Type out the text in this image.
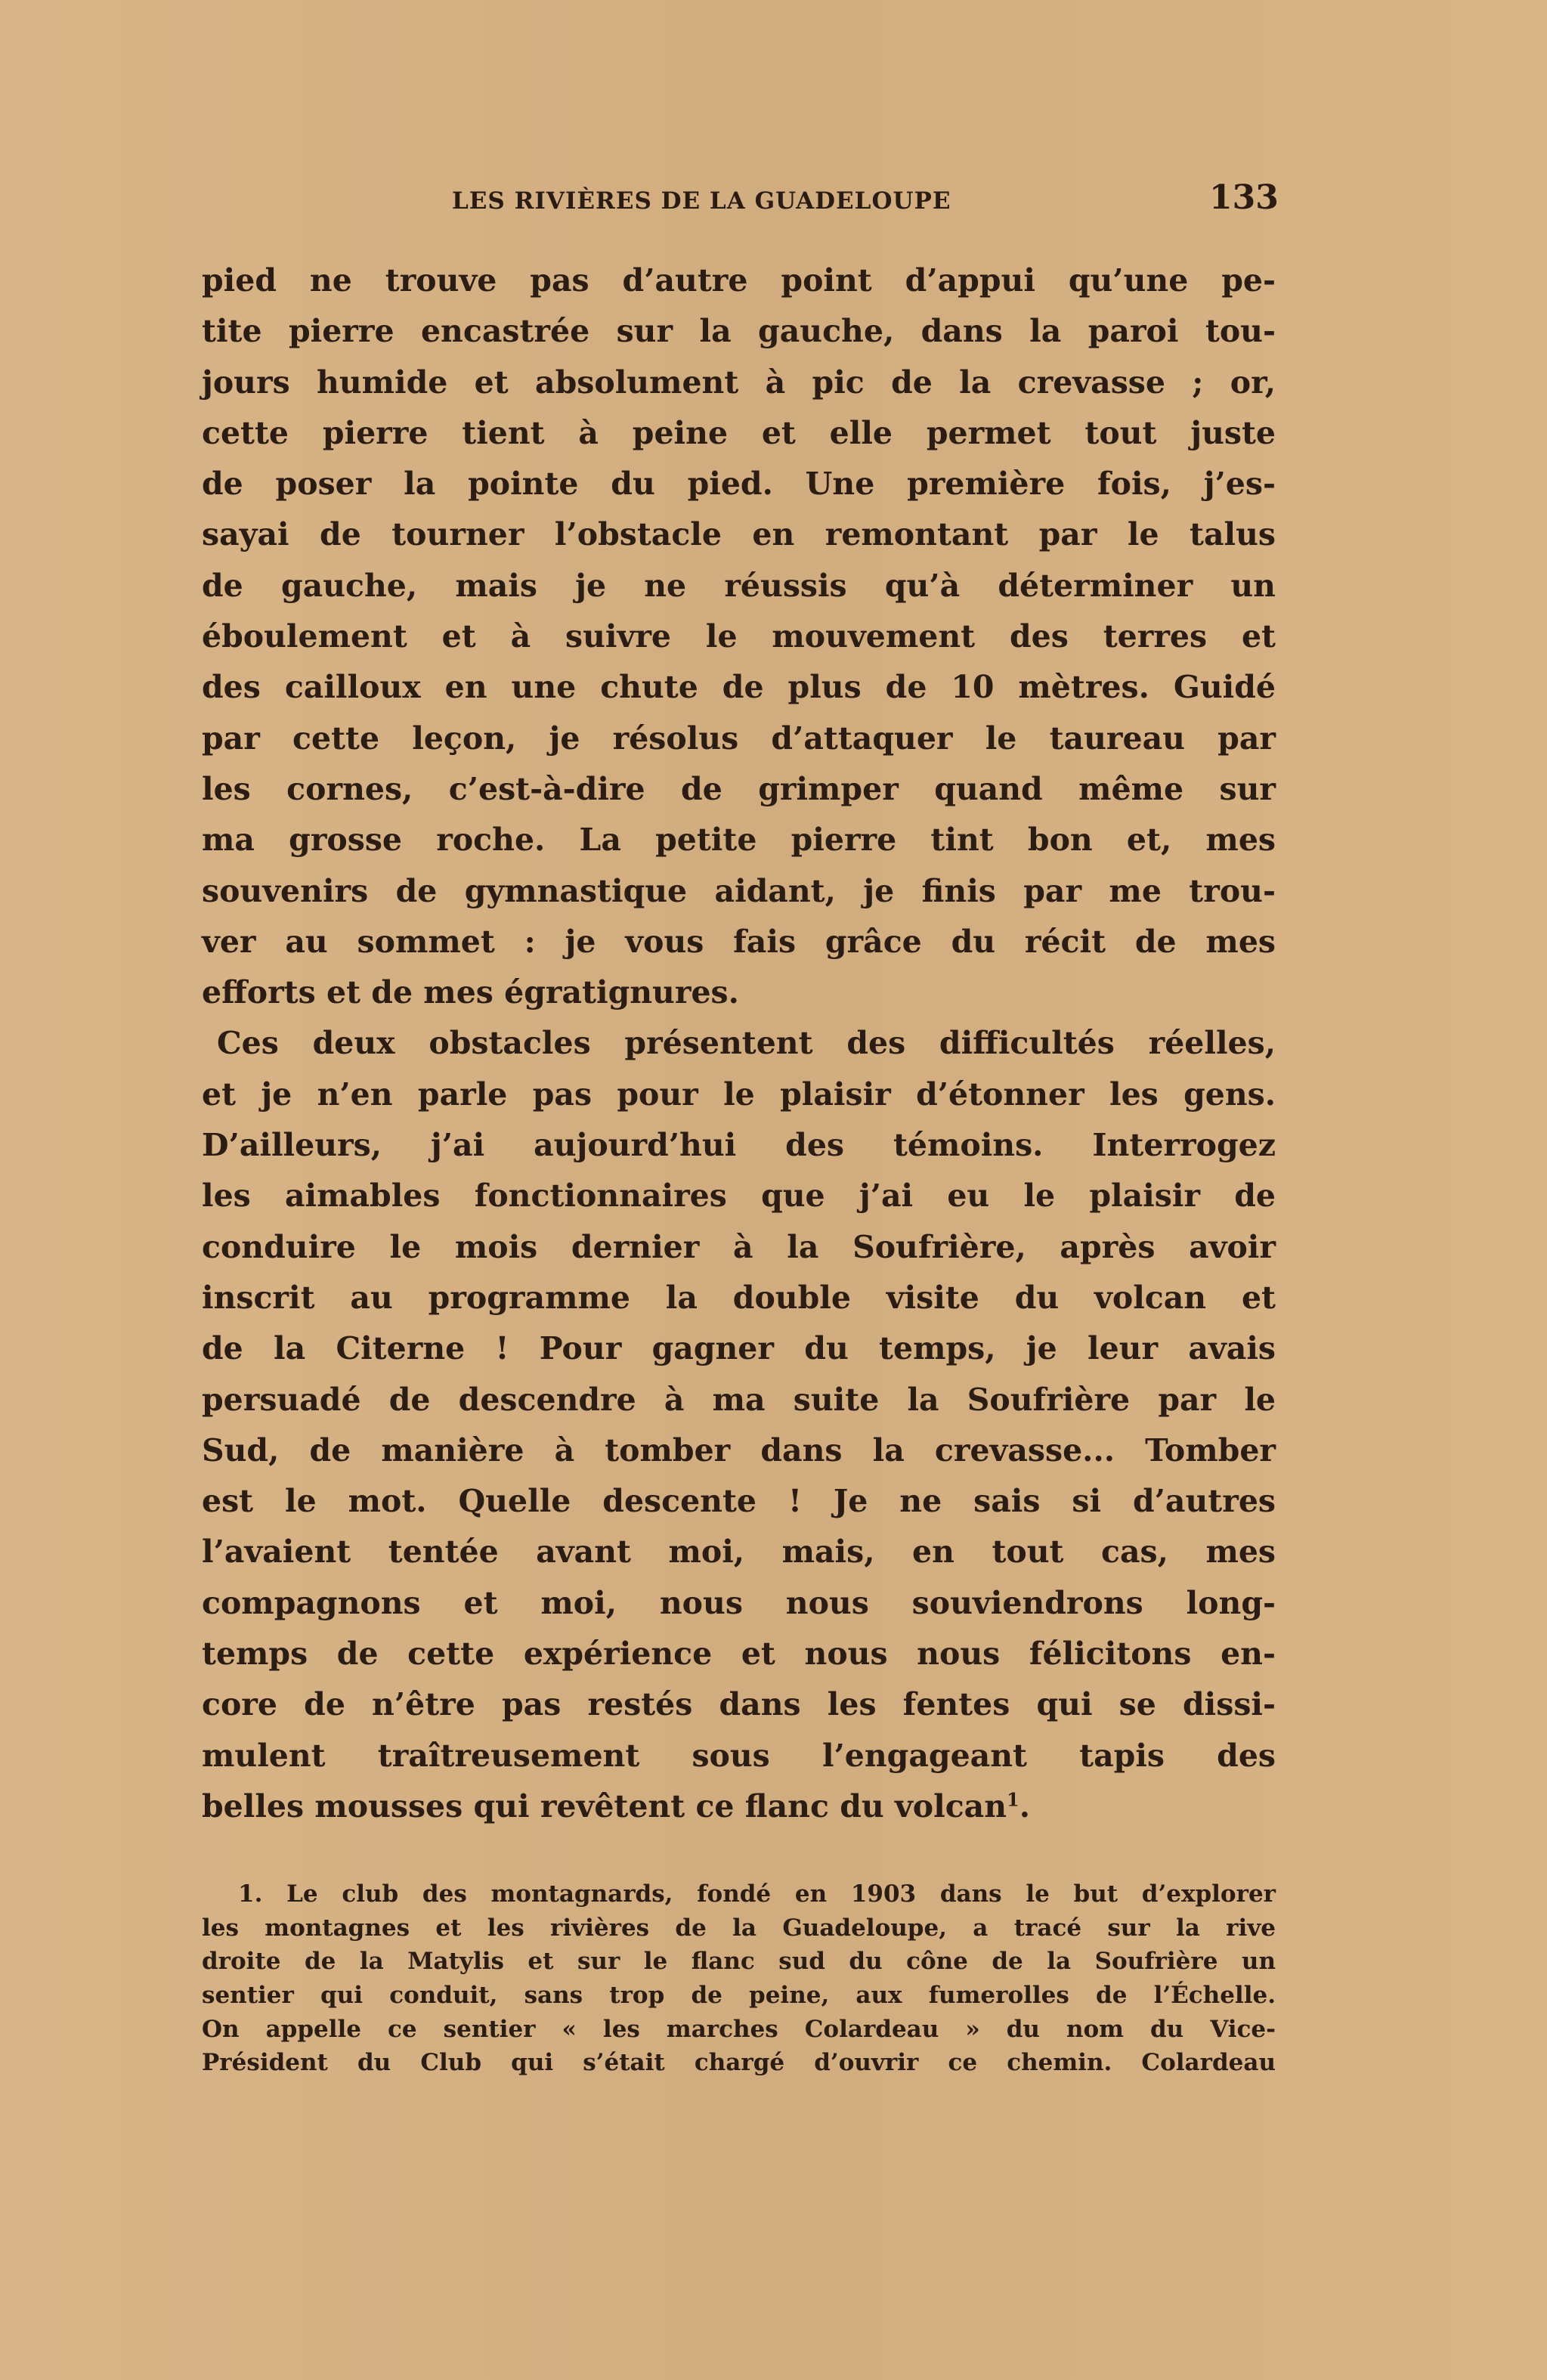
LES RIVIÈRES DE LA GUADELOUPE	133
pied ne trouve pas d’autre point d’appui qu’une pe-
tite pierre encastrée sur la gauche, dans la paroi tou-
jours humide et absolument à pic de la crevasse ; or,
cette pierre tient à peine et elle permet tout juste
de poser la pointe du pied. Une première fois, j’es-
sayai de tourner l’obstacle en remontant par le talus
de gauche, mais je ne réussis qu’à déterminer un
éboulement et à suivre le mouvement des terres et
des cailloux en une chute de plus de 10 mètres. Guidé
par cette leçon, je résolus d’attaquer le taureau par
les cornes, c’est-à-dire de grimper quand même sur
ma grosse roche. La petite pierre tint bon et, mes
souvenirs de gymnastique aidant, je finis par me trou-
ver au sommet : je vous fais grâce du récit de mes
efforts et de mes égratignures.
Ces deux obstacles présentent des difficultés réelles,
et je n’en parle pas pour le plaisir d’étonner les gens.
D’ailleurs, j’ai aujourd’hui des témoins. Interrogez
les aimables fonctionnaires que j’ai eu le plaisir de
conduire le mois dernier à la Soufrière, après avoir
inscrit au programme la double visite du volcan et
de la Citerne ! Pour gagner du temps, je leur avais
persuadé de descendre à ma suite la Soufrière par le
Sud, de manière à tomber dans la crevasse... Tomber
est le mot. Quelle descente ! Je ne sais si d’autres
l’avaient tentée avant moi, mais, en tout cas, mes
compagnons et moi, nous nous souviendrons long-
temps de cette expérience et nous nous félicitons en-
core de n’être pas restés dans les fentes qui se dissi-
mulent traîtreusement sous l’engageant tapis des
belles mousses qui revêtent ce flanc du volcan$^1$.
1. Le club des montagnards, fondé en 1903 dans le but d’explorer
les montagnes et les rivières de la Guadeloupe, a tracé sur la rive
droite de la Matylis et sur le flanc sud du cône de la Soufrière un
sentier qui conduit, sans trop de peine, aux fumerolles de l’Échelle.
On appelle ce sentier « les marches Colardeau » du nom du Vice-
Président du Club qui s’était chargé d’ouvrir ce chemin. Colardeau
